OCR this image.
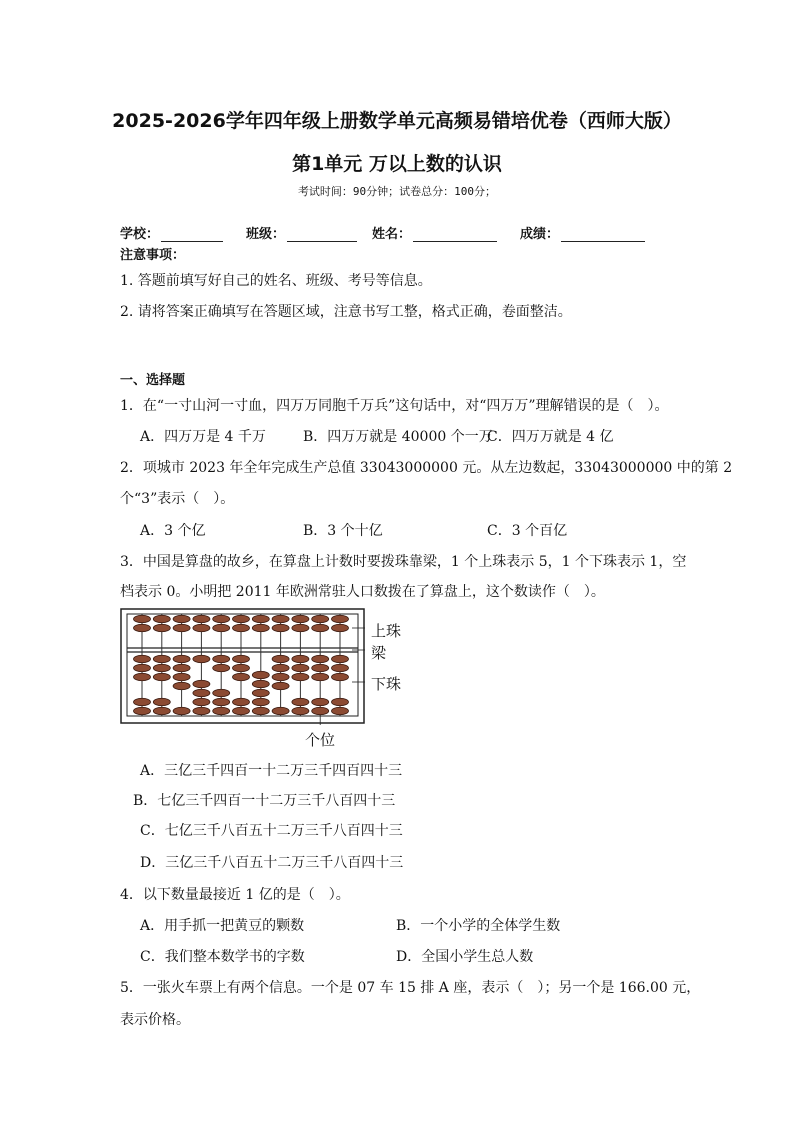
2025-2026学年四年级上册数学单元高频易错培优卷（西师大版）
第1单元 万以上数的认识
考试时间：90分钟；试卷总分：100分；
学校：	班级：	姓名：	成绩：
注意事项：
1. 答题前填写好自己的姓名、班级、考号等信息。
2. 请将答案正确填写在答题区域，注意书写工整，格式正确，卷面整洁。
一、选择题
1．在“一寸山河一寸血，四万万同胞千万兵”这句话中，对“四万万”理解错误的是（　）。
A．四万万是 4 千万	B．四万万就是 40000 个一万
C．四万万就是 4 亿
2．项城市 2023 年全年完成生产总值 33043000000 元。从左边数起，33043000000 中的第 2
个“3”表示（　）。
A．3 个亿	B．3 个十亿	C．3 个百亿
3．中国是算盘的故乡，在算盘上计数时要拨珠靠梁，1 个上珠表示 5，1 个下珠表示 1，空
档表示 0。小明把 2011 年欧洲常驻人口数拨在了算盘上，这个数读作（　）。
上珠
梁
下珠
个位
A．三亿三千四百一十二万三千四百四十三
B．七亿三千四百一十二万三千八百四十三
C．七亿三千八百五十二万三千八百四十三
D．三亿三千八百五十二万三千八百四十三
4．以下数量最接近 1 亿的是（　）。
A．用手抓一把黄豆的颗数	B．一个小学的全体学生数
C．我们整本数学书的字数	D．全国小学生总人数
5．一张火车票上有两个信息。一个是 07 车 15 排 A 座，表示（　）；另一个是 166.00 元，
表示价格。
